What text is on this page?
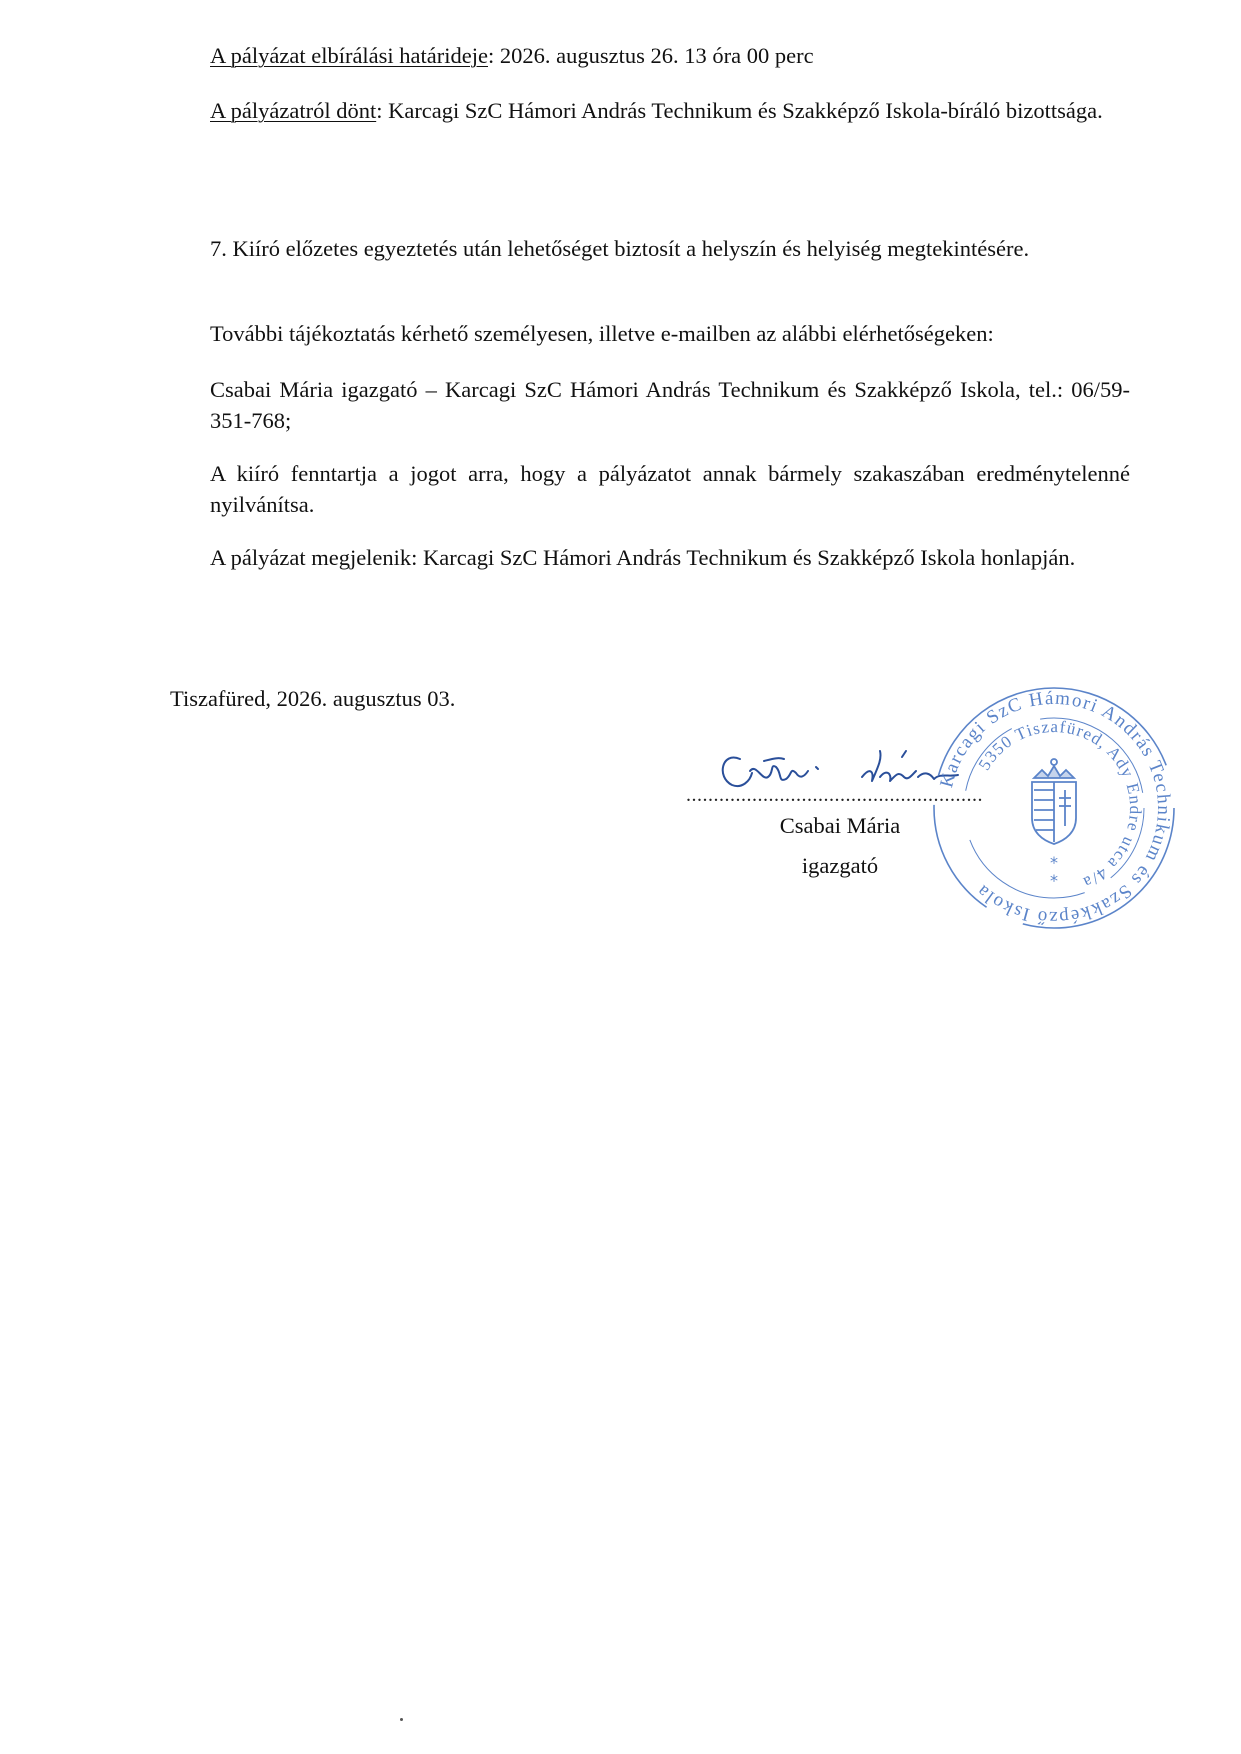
A pályázat elbírálási határideje: 2026. augusztus 26. 13 óra 00 perc
A pályázatról dönt: Karcagi SzC Hámori András Technikum és Szakképző Iskola-bíráló bizottsága.
7. Kiíró előzetes egyeztetés után lehetőséget biztosít a helyszín és helyiség megtekintésére.
További tájékoztatás kérhető személyesen, illetve e-mailben az alábbi elérhetőségeken:
Csabai Mária igazgató – Karcagi SzC Hámori András Technikum és Szakképző Iskola, tel.: 06/59-351-768;
A kiíró fenntartja a jogot arra, hogy a pályázatot annak bármely szakaszában eredménytelenné nyilvánítsa.
A pályázat megjelenik: Karcagi SzC Hámori András Technikum és Szakképző Iskola honlapján.
Tiszafüred, 2026. augusztus 03.
......................................................
Csabai Mária
igazgató
Karcagi SzC Hámori András Technikum és Szakképző Iskola
5350 Tiszafüred, Ady Endre utca 4/a
*
*
